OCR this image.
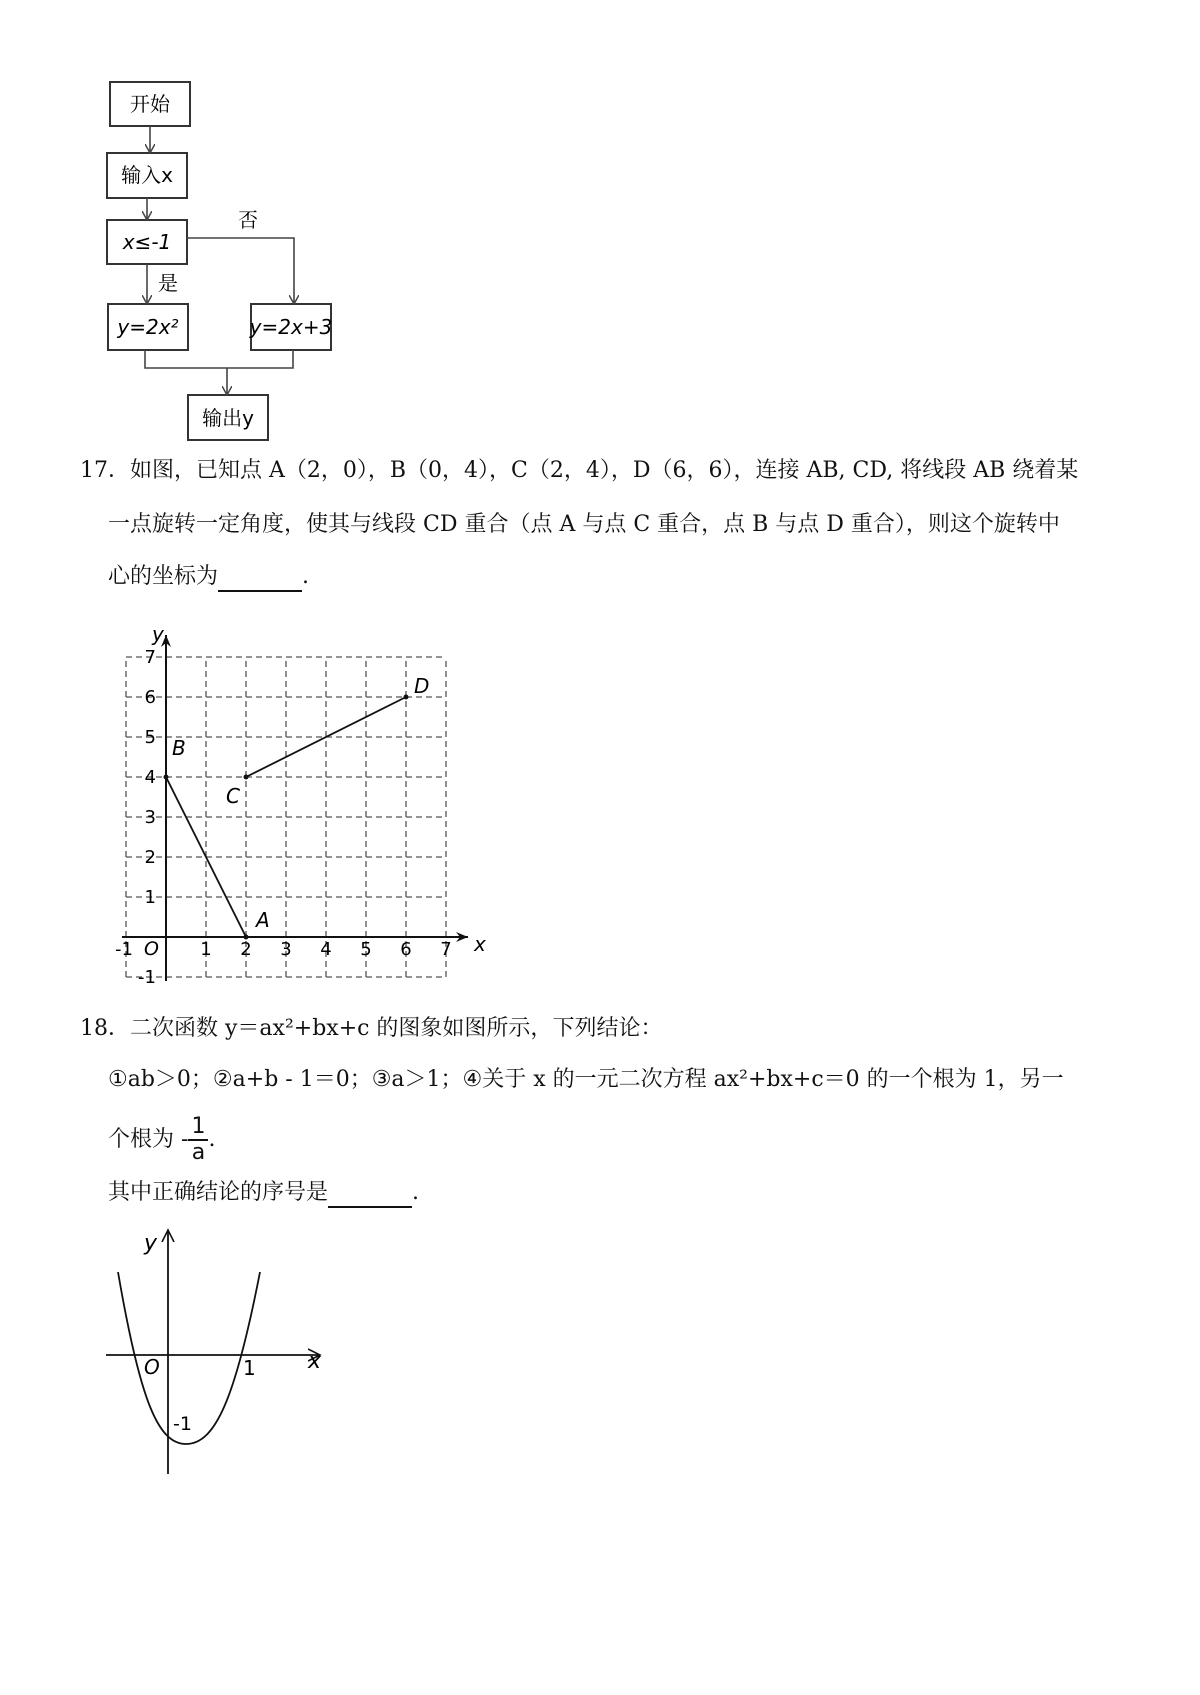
开始
输入x
x≤-1
否
是
y=2x²	y=2x+3
输出y
17．如图，已知点 A（2，0），B（0，4），C（2，4），D（6，6），连接 AB, CD, 将线段 AB 绕着某
一点旋转一定角度，使其与线段 CD 重合（点 A 与点 C 重合，点 B 与点 D 重合），则这个旋转中
心的坐标为	.
x
y
O
-1	1 2 3 4 5 6 7
-1
1
2
3
4
5
6
7
A
B
C
D
18．二次函数 y＝ax²+bx+c 的图象如图所示，下列结论：
①ab＞0；②a+b - 1＝0；③a＞1；④关于 x 的一元二次方程 ax²+bx+c＝0 的一个根为 1，另一
个根为 - $\frac{1}{a}$ .
其中正确结论的序号是	.
y
x
O	1
-1
